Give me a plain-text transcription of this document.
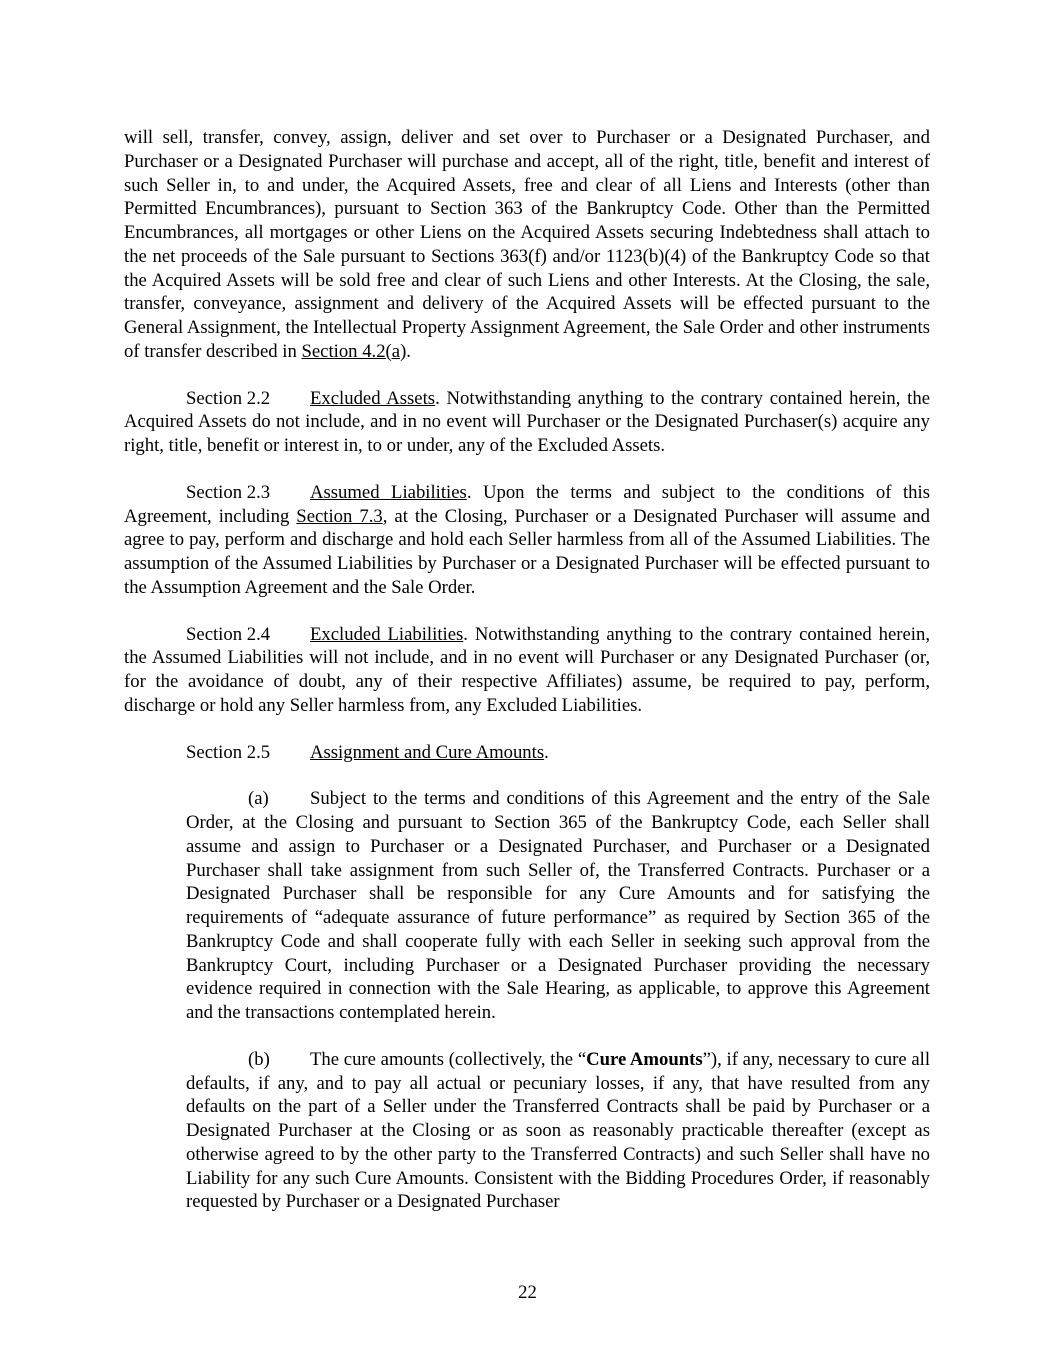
will sell, transfer, convey, assign, deliver and set over to Purchaser or a Designated Purchaser, and Purchaser or a Designated Purchaser will purchase and accept, all of the right, title, benefit and interest of such Seller in, to and under, the Acquired Assets, free and clear of all Liens and Interests (other than Permitted Encumbrances), pursuant to Section 363 of the Bankruptcy Code. Other than the Permitted Encumbrances, all mortgages or other Liens on the Acquired Assets securing Indebtedness shall attach to the net proceeds of the Sale pursuant to Sections 363(f) and/or 1123(b)(4) of the Bankruptcy Code so that the Acquired Assets will be sold free and clear of such Liens and other Interests. At the Closing, the sale, transfer, conveyance, assignment and delivery of the Acquired Assets will be effected pursuant to the General Assignment, the Intellectual Property Assignment Agreement, the Sale Order and other instruments of transfer described in Section 4.2(a).

Section 2.2 Excluded Assets. Notwithstanding anything to the contrary contained herein, the Acquired Assets do not include, and in no event will Purchaser or the Designated Purchaser(s) acquire any right, title, benefit or interest in, to or under, any of the Excluded Assets.

Section 2.3 Assumed Liabilities. Upon the terms and subject to the conditions of this Agreement, including Section 7.3, at the Closing, Purchaser or a Designated Purchaser will assume and agree to pay, perform and discharge and hold each Seller harmless from all of the Assumed Liabilities. The assumption of the Assumed Liabilities by Purchaser or a Designated Purchaser will be effected pursuant to the Assumption Agreement and the Sale Order.

Section 2.4 Excluded Liabilities. Notwithstanding anything to the contrary contained herein, the Assumed Liabilities will not include, and in no event will Purchaser or any Designated Purchaser (or, for the avoidance of doubt, any of their respective Affiliates) assume, be required to pay, perform, discharge or hold any Seller harmless from, any Excluded Liabilities.

Section 2.5 Assignment and Cure Amounts.

(a) Subject to the terms and conditions of this Agreement and the entry of the Sale Order, at the Closing and pursuant to Section 365 of the Bankruptcy Code, each Seller shall assume and assign to Purchaser or a Designated Purchaser, and Purchaser or a Designated Purchaser shall take assignment from such Seller of, the Transferred Contracts. Purchaser or a Designated Purchaser shall be responsible for any Cure Amounts and for satisfying the requirements of “adequate assurance of future performance” as required by Section 365 of the Bankruptcy Code and shall cooperate fully with each Seller in seeking such approval from the Bankruptcy Court, including Purchaser or a Designated Purchaser providing the necessary evidence required in connection with the Sale Hearing, as applicable, to approve this Agreement and the transactions contemplated herein.

(b) The cure amounts (collectively, the “Cure Amounts”), if any, necessary to cure all defaults, if any, and to pay all actual or pecuniary losses, if any, that have resulted from any defaults on the part of a Seller under the Transferred Contracts shall be paid by Purchaser or a Designated Purchaser at the Closing or as soon as reasonably practicable thereafter (except as otherwise agreed to by the other party to the Transferred Contracts) and such Seller shall have no Liability for any such Cure Amounts. Consistent with the Bidding Procedures Order, if reasonably requested by Purchaser or a Designated Purchaser

22
